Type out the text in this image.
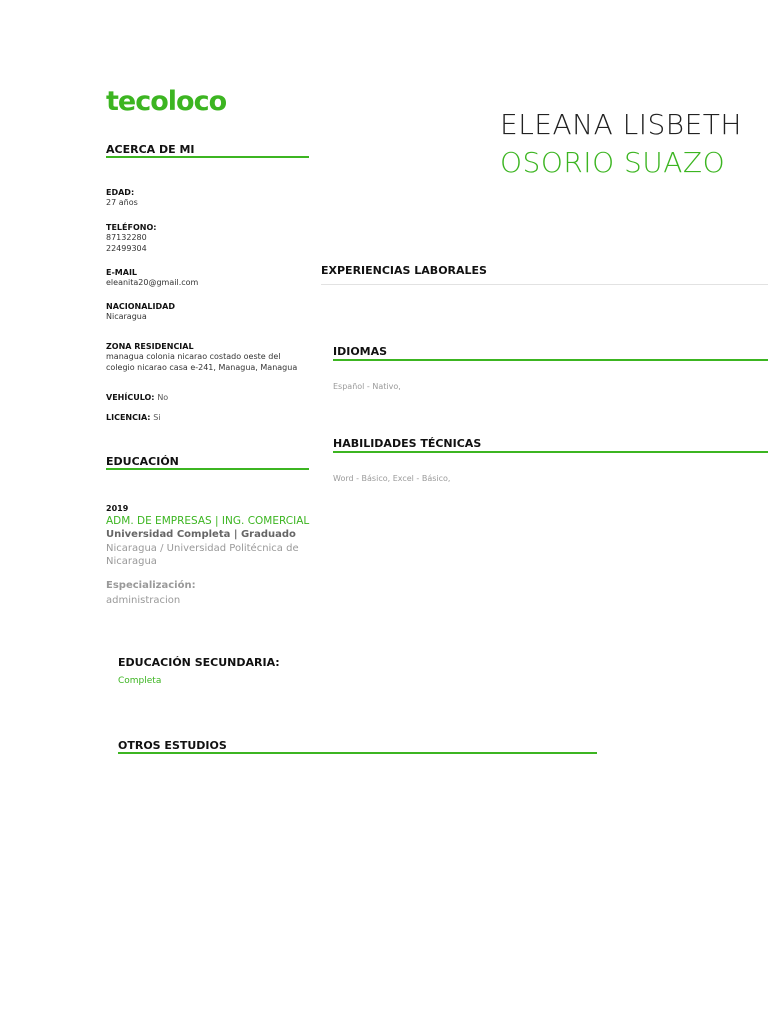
tecoloco
ELEANA LISBETH
OSORIO SUAZO
ACERCA DE MI
EDAD:
27 años
TELÉFONO:
87132280
22499304
E-MAIL
eleanita20@gmail.com
NACIONALIDAD
Nicaragua
ZONA RESIDENCIAL
managua colonia nicarao costado oeste del
colegio nicarao casa e-241, Managua, Managua
VEHÍCULO: No
LICENCIA: Si
EDUCACIÓN
2019
ADM. DE EMPRESAS | ING. COMERCIAL
Universidad Completa | Graduado
Nicaragua / Universidad Politécnica de
Nicaragua
Especialización:
administracion
EXPERIENCIAS LABORALES
IDIOMAS
Español - Nativo,
HABILIDADES TÉCNICAS
Word - Básico, Excel - Básico,
EDUCACIÓN SECUNDARIA:
Completa
OTROS ESTUDIOS
